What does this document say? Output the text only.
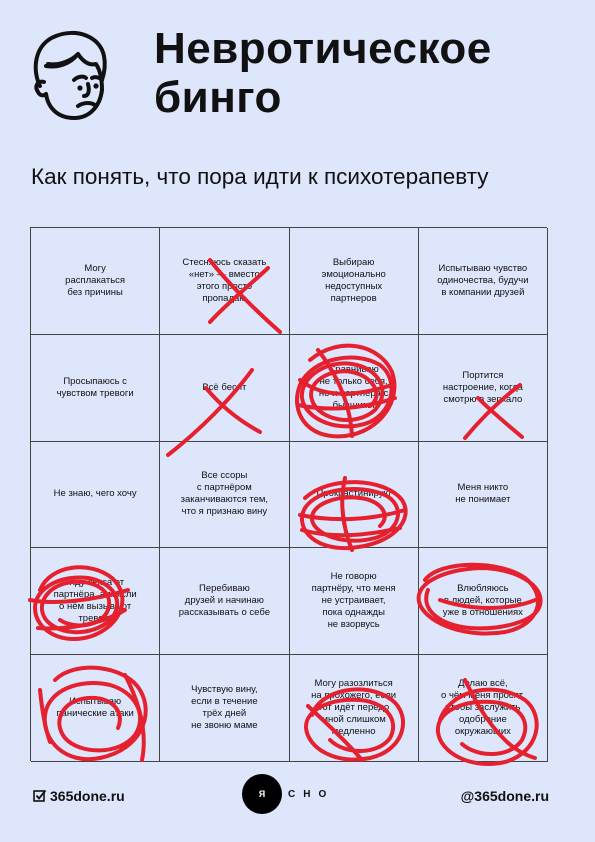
Невротическое
бинго
Как понять, что пора идти к психотерапевту
Могу
расплакаться
без причины
Стесняюсь сказать
«нет» — вместо
этого просто
пропадаю
Выбираю
эмоционально
недоступных
партнеров
Испытываю чувство
одиночества, будучи
в компании друзей
Просыпаюсь с
чувством тревоги
Всё бесит
Сравниваю
не только себя,
но и партнёра с бывшими
Портится
настроение, когда
смотрю в зеркало
Не знаю, чего хочу
Все ссоры
с партнёром
заканчиваются тем,
что я признаю вину
Прокрастинирую
Меня никто
не понимает
Жду секса от
партнёра, а мысли
о нём вызывают
тревогу
Перебиваю
друзей и начинаю
рассказывать о себе
Не говорю
партнёру, что меня
не устраивает,
пока однажды
не взорвусь
Влюбляюсь
в людей, которые
уже в отношениях
Испытываю
панические атаки
Чувствую вину,
если в течение
трёх дней
не звоню маме
Могу разозлиться
на прохожего, если
тот идёт передо
мной слишком
медленно
Делаю всё,
о чём меня просят,
чтобы заслужить
одобрение
окружающих
365done.ru	Я СНО	@365done.ru
